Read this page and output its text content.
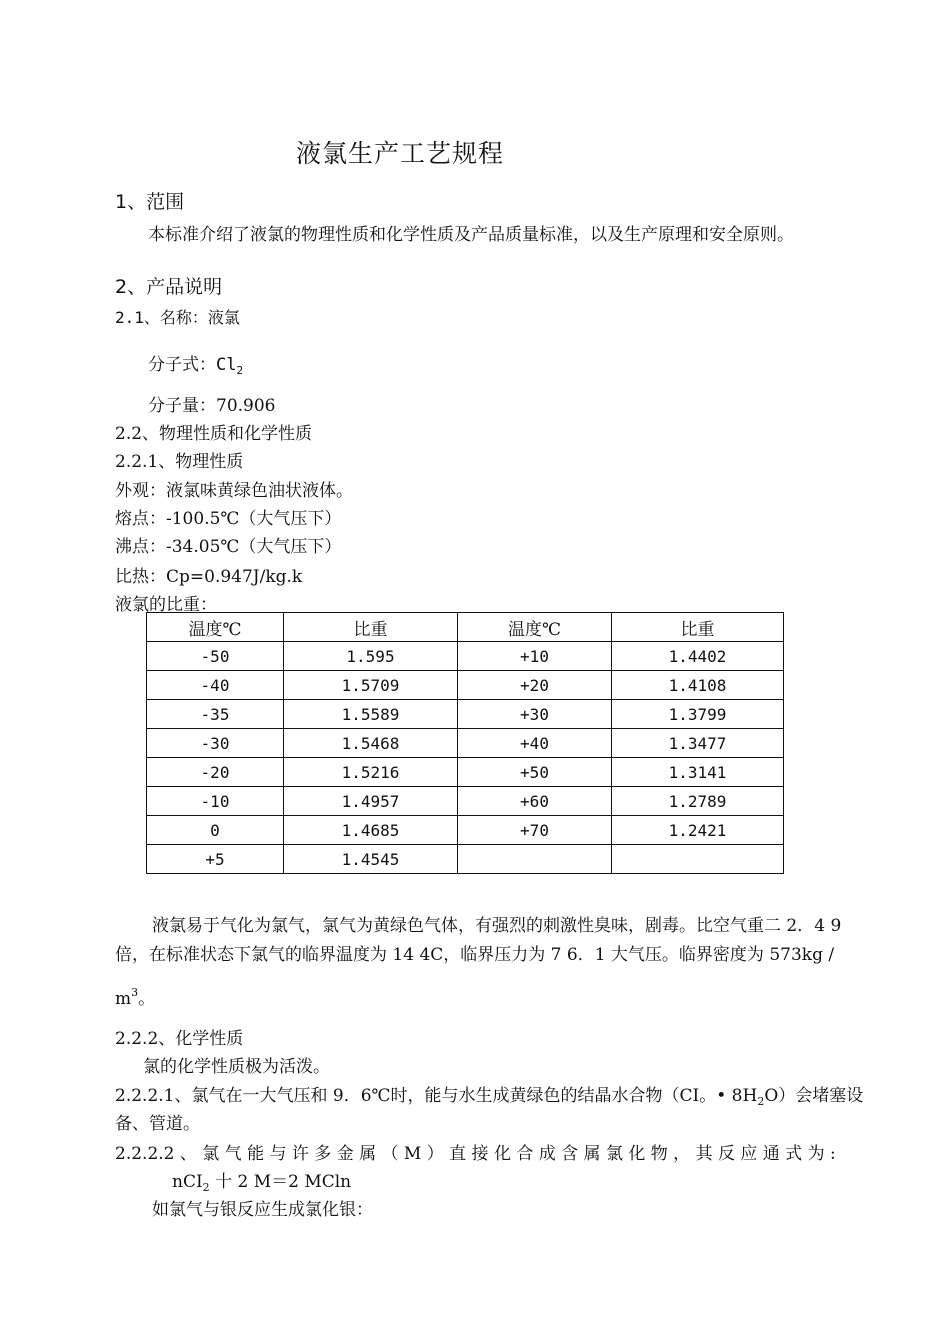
液氯生产工艺规程
1、范围
本标准介绍了液氯的物理性质和化学性质及产品质量标准，以及生产原理和安全原则。
2、产品说明
2.1、名称：液氯
分子式：$Cl_2$
分子量：70.906
2.2、物理性质和化学性质
2.2.1、物理性质
外观：液氯味黄绿色油状液体。
熔点：-100.5℃（大气压下）
沸点：-34.05℃（大气压下）
比热：Cp=0.947J/kg.k
液氯的比重：
温度℃	比重	温度℃	比重
-50	1.595	+10	1.4402
-40	1.5709	+20	1.4108
-35	1.5589	+30	1.3799
-30	1.5468	+40	1.3477
-20	1.5216	+50	1.3141
-10	1.4957	+60	1.2789
0	1.4685	+70	1.2421
+5	1.4545		
液氯易于气化为氯气，氯气为黄绿色气体，有强烈的刺激性臭味，剧毒。比空气重二 2．4 9
倍，在标准状态下氯气的临界温度为 14 4C，临界压力为 7 6．1 大气压。临界密度为 573kg /
$m^3$。
2.2.2、化学性质
氯的化学性质极为活泼。
2.2.2.1、氯气在一大气压和 9．6℃时，能与水生成黄绿色的结晶水合物（CI。• $8H_2O$）会堵塞设
备、管道。
2.2.2.2 、 氯 气 能 与 许 多 金 属 （ M ） 直 接 化 合 成 含 属 氯 化 物 ， 其 反 应 通 式 为 :
nCI$_2$ 十 2 M＝2 MCln
如氯气与银反应生成氯化银：
